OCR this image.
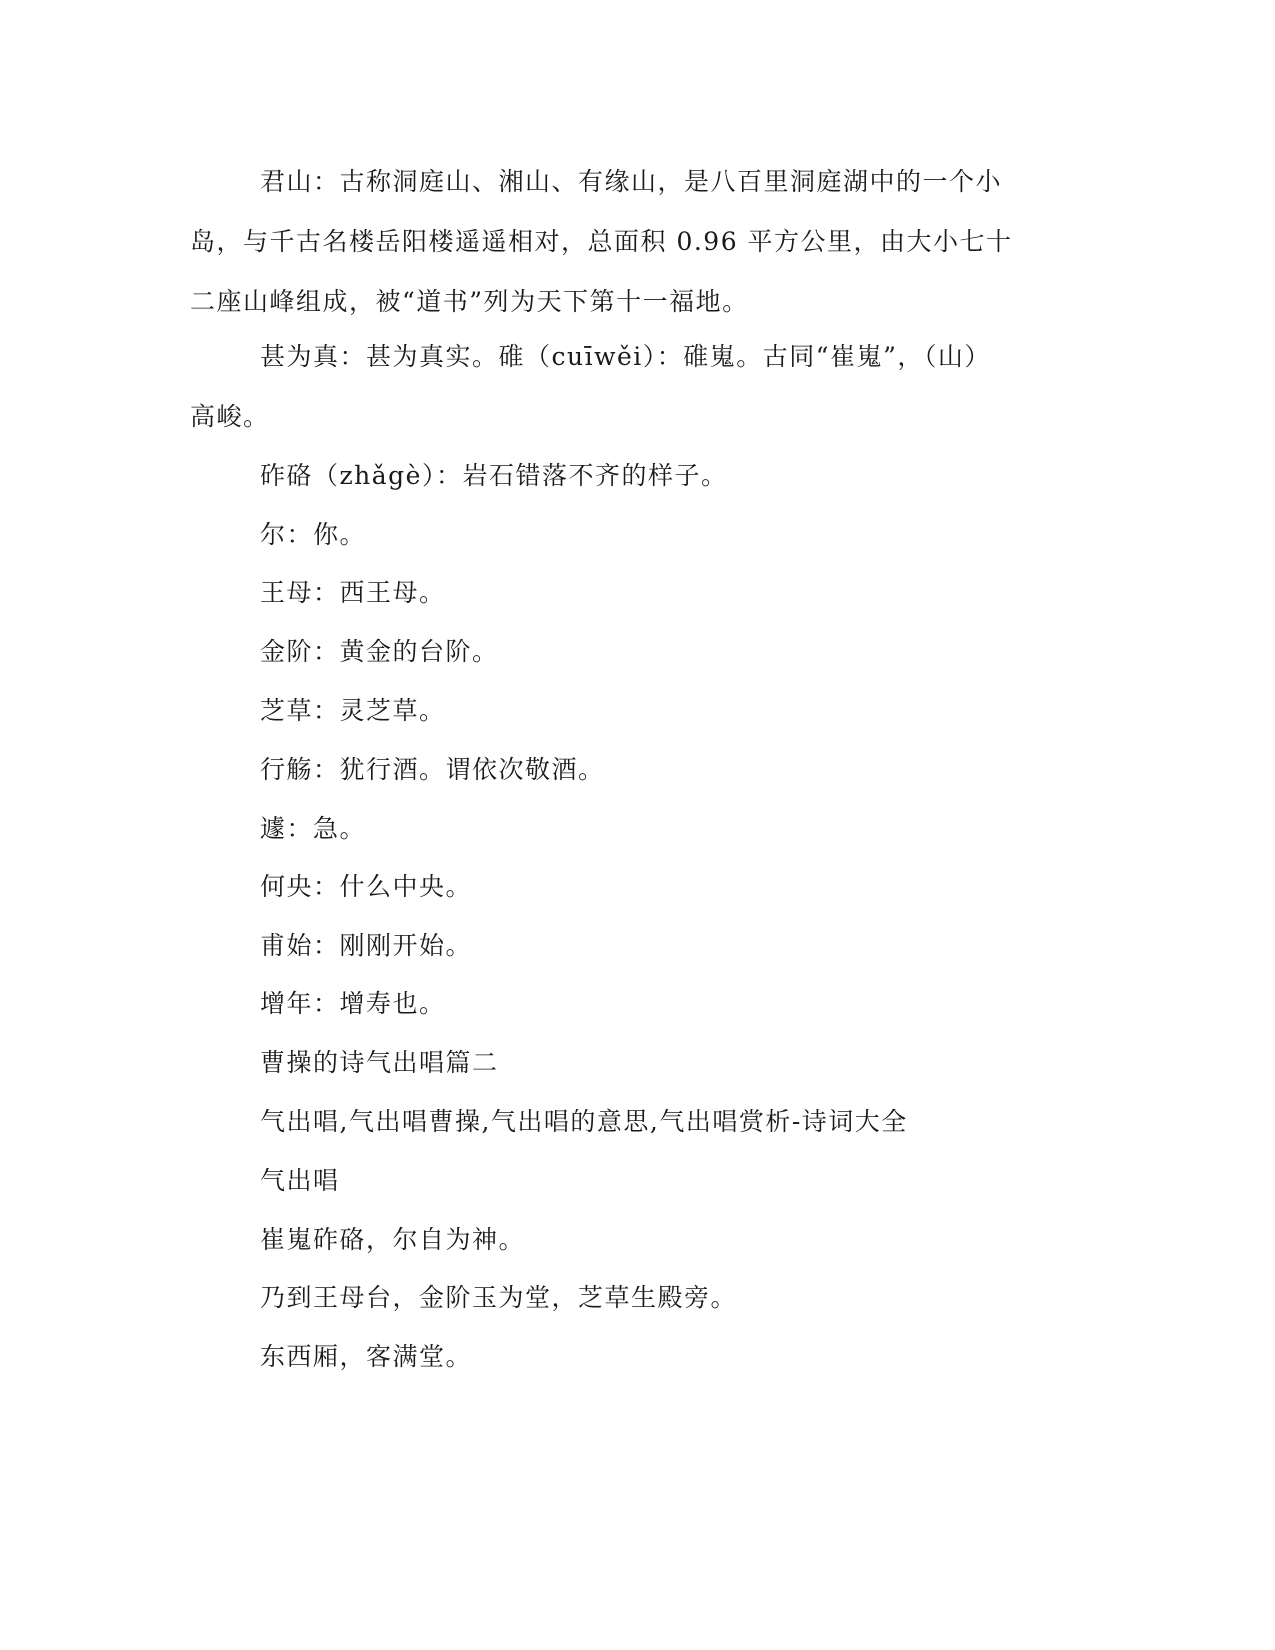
君山：古称洞庭山、湘山、有缘山，是八百里洞庭湖中的一个小
岛，与千古名楼岳阳楼遥遥相对，总面积 0.96 平方公里，由大小七十
二座山峰组成，被“道书”列为天下第十一福地。

甚为真：甚为真实。碓（cuīwěi）：碓嵬。古同“崔嵬”，（山）
高峻。

砟硌（zhǎgè）：岩石错落不齐的样子。

尔：你。

王母：西王母。

金阶：黄金的台阶。

芝草：灵芝草。

行觞：犹行酒。谓依次敬酒。

遽：急。

何央：什么中央。

甫始：刚刚开始。

增年：增寿也。

曹操的诗气出唱篇二

气出唱,气出唱曹操,气出唱的意思,气出唱赏析-诗词大全

气出唱

崔嵬砟硌，尔自为神。

乃到王母台，金阶玉为堂，芝草生殿旁。

东西厢，客满堂。
